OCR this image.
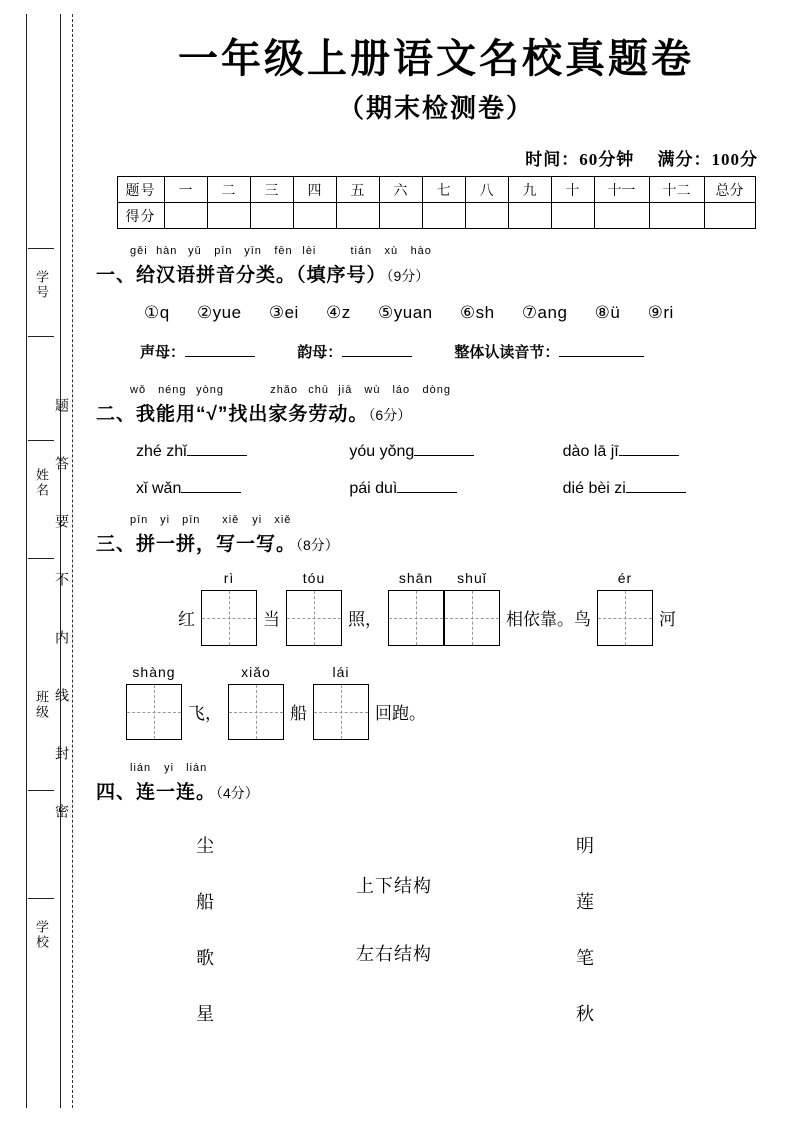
学号
题 答 要 不 内 线 封 密
姓名
班级
学校
一年级上册语文名校真题卷
（期末检测卷）
时间：60分钟 满分：100分
题号	一	二	三	四	五	六	七	八	九	十	十一	十二	总分
得分													
gěi hàn yǔ pīn yīn fēn lèi	tián xù hào
一、给汉语拼音分类。（填序号）（9分）
①q ②yue ③ei ④z ⑤yuan ⑥sh ⑦ang ⑧ü ⑨ri
声母：	韵母：	整体认读音节：
wǒ néng yòng	zhǎo chū jiā wù láo dòng
二、我能用“√”找出家务劳动。（6分）
zhé zhǐ	yóu yǒng	dào lā jī
xǐ wǎn	pái duì	dié bèi zi
pīn yi pīn xiě yi xiě
三、拼一拼，写一写。（8分）
红
rì
当
tóu
照，
shān shuǐ
相依靠。鸟
ér
河
shàng
飞，
xiǎo
船
lái
回跑。
lián yi lián
四、连一连。（4分）
尘
船
歌
星
上下结构
左右结构
明
莲
笔
秋
